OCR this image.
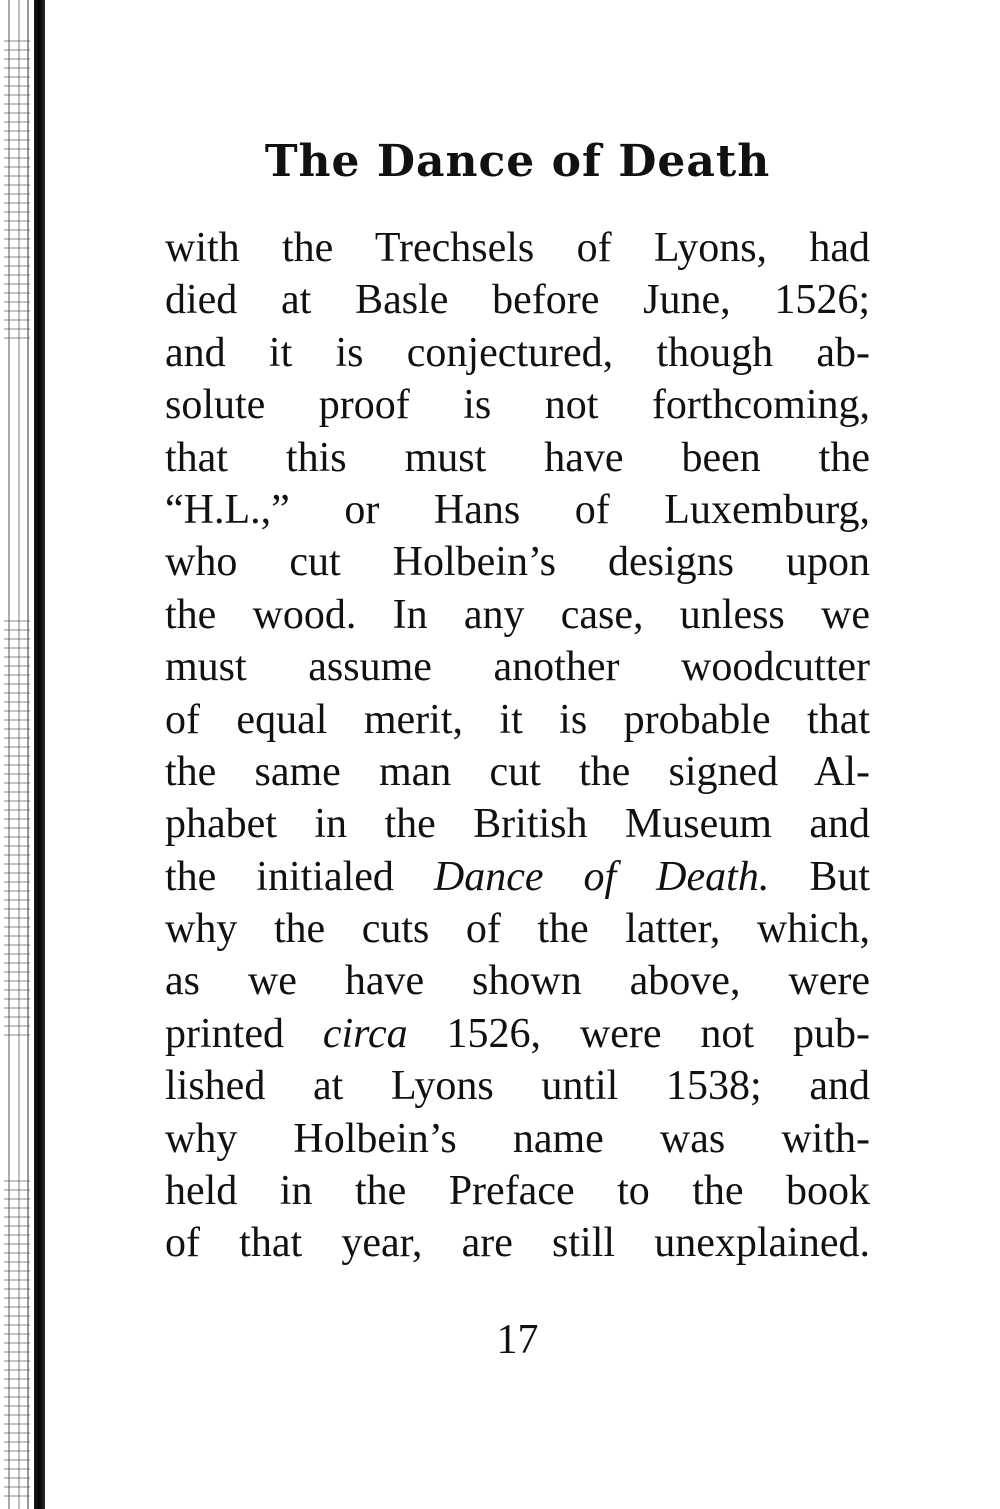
The Dance of Death
with the Trechsels of Lyons, had
died at Basle before June, 1526;
and it is conjectured, though ab-
solute proof is not forthcoming,
that this must have been the
“H.L.,” or Hans of Luxemburg,
who cut Holbein’s designs upon
the wood. In any case, unless we
must assume another woodcutter
of equal merit, it is probable that
the same man cut the signed Al-
phabet in the British Museum and
the initialed Dance of Death. But
why the cuts of the latter, which,
as we have shown above, were
printed circa 1526, were not pub-
lished at Lyons until 1538; and
why Holbein’s name was with-
held in the Preface to the book
of that year, are still unexplained.

17
